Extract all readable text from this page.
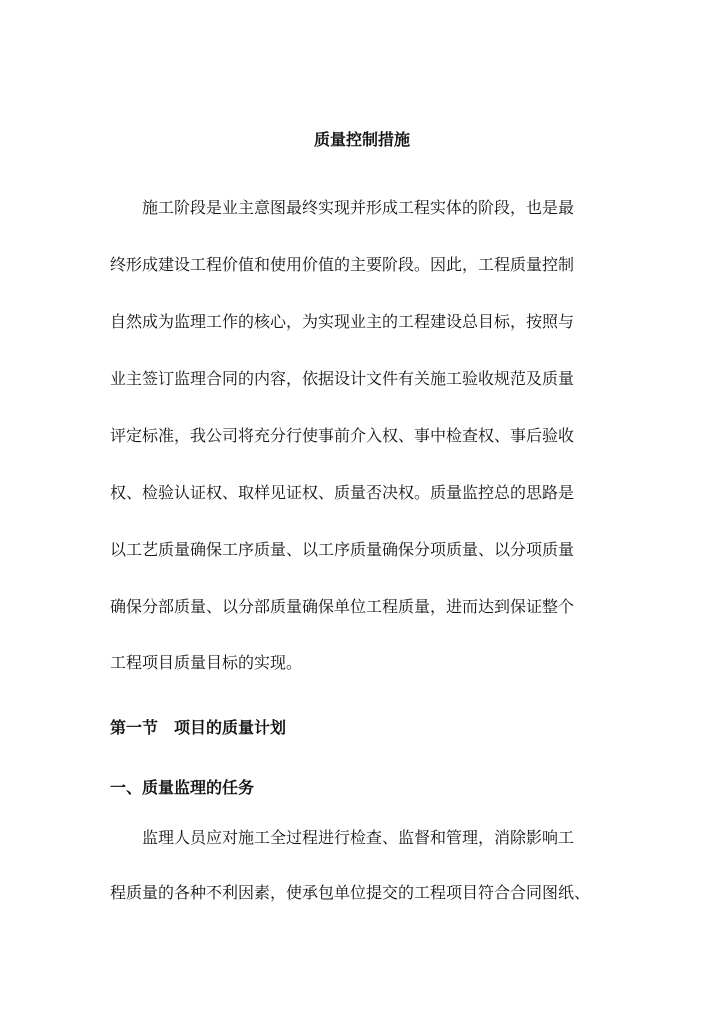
质量控制措施
施工阶段是业主意图最终实现并形成工程实体的阶段，也是最
终形成建设工程价值和使用价值的主要阶段。因此，工程质量控制
自然成为监理工作的核心，为实现业主的工程建设总目标，按照与
业主签订监理合同的内容，依据设计文件有关施工验收规范及质量
评定标准，我公司将充分行使事前介入权、事中检查权、事后验收
权、检验认证权、取样见证权、质量否决权。质量监控总的思路是
以工艺质量确保工序质量、以工序质量确保分项质量、以分项质量
确保分部质量、以分部质量确保单位工程质量，进而达到保证整个
工程项目质量目标的实现。
第一节　项目的质量计划
一、质量监理的任务
监理人员应对施工全过程进行检查、监督和管理，消除影响工
程质量的各种不利因素，使承包单位提交的工程项目符合合同图纸、
